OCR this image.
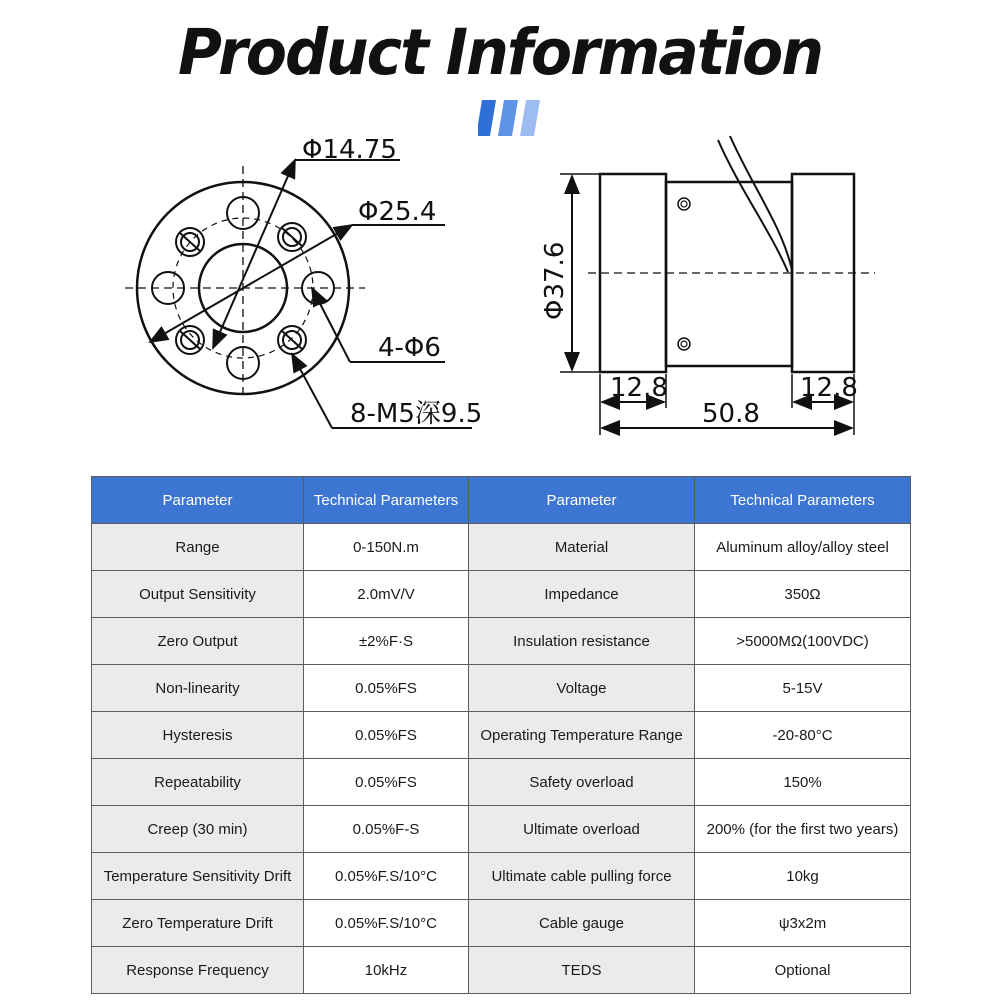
Product Information
Φ14.75
Φ25.4
4-Φ6
8-M5深9.5
Φ37.6
12.8	12.8
50.8
Parameter	Technical Parameters	Parameter	Technical Parameters
Range	0-150N.m	Material	Aluminum alloy/alloy steel
Output Sensitivity	2.0mV/V	Impedance	350Ω
Zero Output	±2%F·S	Insulation resistance	>5000MΩ(100VDC)
Non-linearity	0.05%FS	Voltage	5-15V
Hysteresis	0.05%FS	Operating Temperature Range	-20-80°C
Repeatability	0.05%FS	Safety overload	150%
Creep (30 min)	0.05%F-S	Ultimate overload	200% (for the first two years)
Temperature Sensitivity Drift	0.05%F.S/10°C	Ultimate cable pulling force	10kg
Zero Temperature Drift	0.05%F.S/10°C	Cable gauge	ψ3x2m
Response Frequency	10kHz	TEDS	Optional
